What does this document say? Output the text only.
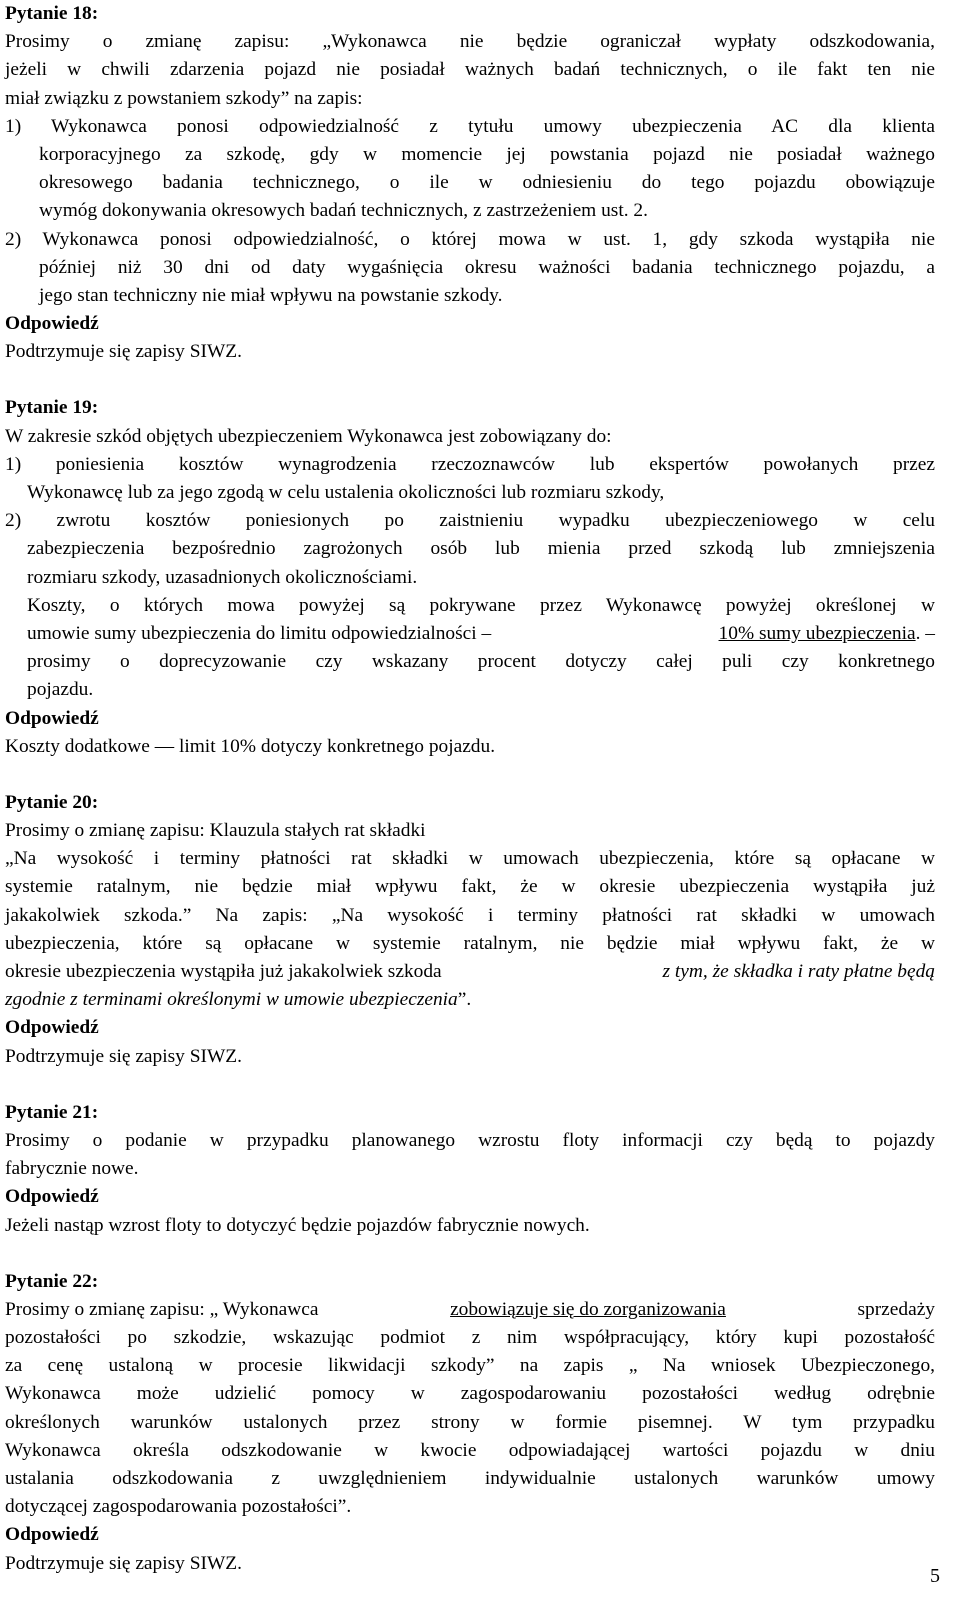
Pytanie 18:
Prosimy o zmianę zapisu: „Wykonawca nie będzie ograniczał wypłaty odszkodowania,
jeżeli w chwili zdarzenia pojazd nie posiadał ważnych badań technicznych, o ile fakt ten nie
miał związku z powstaniem szkody” na zapis:
1) Wykonawca ponosi odpowiedzialność z tytułu umowy ubezpieczenia AC dla klienta
korporacyjnego za szkodę, gdy w momencie jej powstania pojazd nie posiadał ważnego
okresowego badania technicznego, o ile w odniesieniu do tego pojazdu obowiązuje
wymóg dokonywania okresowych badań technicznych, z zastrzeżeniem ust. 2.
2) Wykonawca ponosi odpowiedzialność, o której mowa w ust. 1, gdy szkoda wystąpiła nie
później niż 30 dni od daty wygaśnięcia okresu ważności badania technicznego pojazdu, a
jego stan techniczny nie miał wpływu na powstanie szkody.
Odpowiedź
Podtrzymuje się zapisy SIWZ.
Pytanie 19:
W zakresie szkód objętych ubezpieczeniem Wykonawca jest zobowiązany do:
1) poniesienia kosztów wynagrodzenia rzeczoznawców lub ekspertów powołanych przez
Wykonawcę lub za jego zgodą w celu ustalenia okoliczności lub rozmiaru szkody,
2) zwrotu kosztów poniesionych po zaistnieniu wypadku ubezpieczeniowego w celu
zabezpieczenia bezpośrednio zagrożonych osób lub mienia przed szkodą lub zmniejszenia
rozmiaru szkody, uzasadnionych okolicznościami.
Koszty, o których mowa powyżej są pokrywane przez Wykonawcę powyżej określonej w
umowie sumy ubezpieczenia do limitu odpowiedzialności –	10% sumy ubezpieczenia. –
prosimy o doprecyzowanie czy wskazany procent dotyczy całej puli czy konkretnego
pojazdu.
Odpowiedź
Koszty dodatkowe — limit 10% dotyczy konkretnego pojazdu.
Pytanie 20:
Prosimy o zmianę zapisu: Klauzula stałych rat składki
„Na wysokość i terminy płatności rat składki w umowach ubezpieczenia, które są opłacane w
systemie ratalnym, nie będzie miał wpływu fakt, że w okresie ubezpieczenia wystąpiła już
jakakolwiek szkoda.” Na zapis: „Na wysokość i terminy płatności rat składki w umowach
ubezpieczenia, które są opłacane w systemie ratalnym, nie będzie miał wpływu fakt, że w
okresie ubezpieczenia wystąpiła już jakakolwiek szkoda	z tym, że składka i raty płatne będą
zgodnie z terminami określonymi w umowie ubezpieczenia”.
Odpowiedź
Podtrzymuje się zapisy SIWZ.
Pytanie 21:
Prosimy o podanie w przypadku planowanego wzrostu floty informacji czy będą to pojazdy
fabrycznie nowe.
Odpowiedź
Jeżeli nastąp wzrost floty to dotyczyć będzie pojazdów fabrycznie nowych.
Pytanie 22:
Prosimy o zmianę zapisu: „ Wykonawca	zobowiązuje się do zorganizowania	sprzedaży
pozostałości po szkodzie, wskazując podmiot z nim współpracujący, który kupi pozostałość
za cenę ustaloną w procesie likwidacji szkody” na zapis „ Na wniosek Ubezpieczonego,
Wykonawca może udzielić pomocy w zagospodarowaniu pozostałości według odrębnie
określonych warunków ustalonych przez strony w formie pisemnej. W tym przypadku
Wykonawca określa odszkodowanie w kwocie odpowiadającej wartości pojazdu w dniu
ustalania odszkodowania z uwzględnieniem indywidualnie ustalonych warunków umowy
dotyczącej zagospodarowania pozostałości”.
Odpowiedź
Podtrzymuje się zapisy SIWZ.
5
